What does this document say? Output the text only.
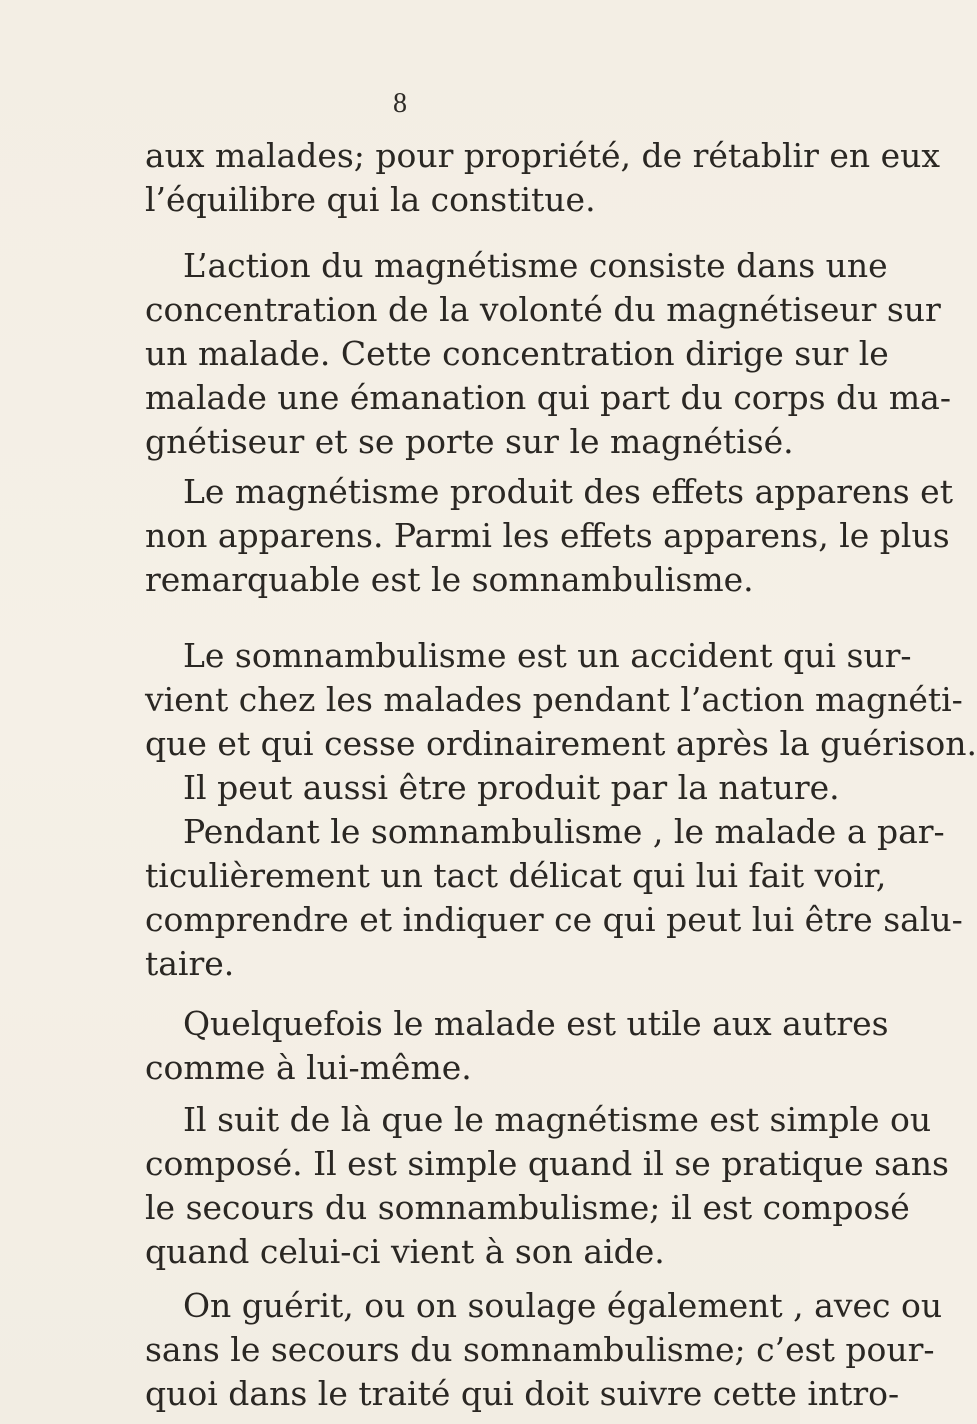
8
aux malades; pour propriété, de rétablir en eux
l’équilibre qui la constitue.
L’action du magnétisme consiste dans une
concentration de la volonté du magnétiseur sur
un malade. Cette concentration dirige sur le
malade une émanation qui part du corps du ma-
gnétiseur et se porte sur le magnétisé.
Le magnétisme produit des effets apparens et
non apparens. Parmi les effets apparens, le plus
remarquable est le somnambulisme.
Le somnambulisme est un accident qui sur-
vient chez les malades pendant l’action magnéti-
que et qui cesse ordinairement après la guérison.
Il peut aussi être produit par la nature.
Pendant le somnambulisme , le malade a par-
ticulièrement un tact délicat qui lui fait voir,
comprendre et indiquer ce qui peut lui être salu-
taire.
Quelquefois le malade est utile aux autres
comme à lui-même.
Il suit de là que le magnétisme est simple ou
composé. Il est simple quand il se pratique sans
le secours du somnambulisme; il est composé
quand celui-ci vient à son aide.
On guérit, ou on soulage également , avec ou
sans le secours du somnambulisme; c’est pour-
quoi dans le traité qui doit suivre cette intro-
